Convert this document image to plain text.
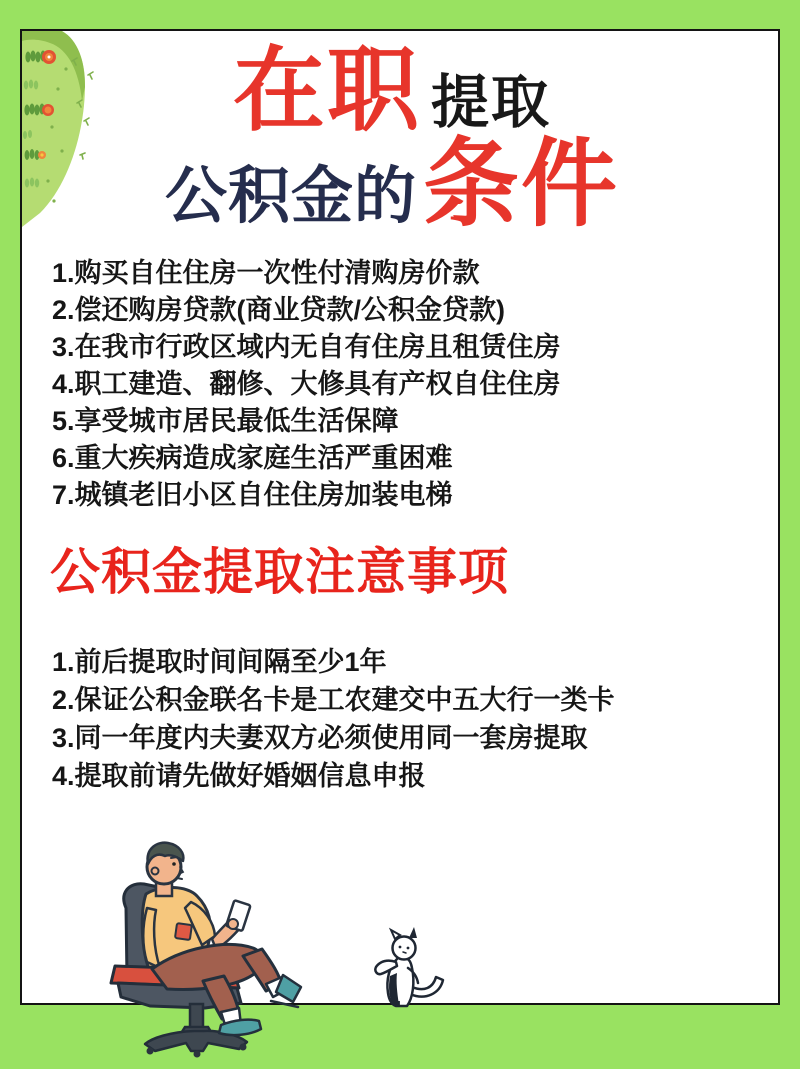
在职 提取
公积金的 条件
1.购买自住住房一次性付清购房价款
2.偿还购房贷款(商业贷款/公积金贷款)
3.在我市行政区域内无自有住房且租赁住房
4.职工建造、翻修、大修具有产权自住住房
5.享受城市居民最低生活保障
6.重大疾病造成家庭生活严重困难
7.城镇老旧小区自住住房加装电梯
公积金提取注意事项
1.前后提取时间间隔至少1年
2.保证公积金联名卡是工农建交中五大行一类卡
3.同一年度内夫妻双方必须使用同一套房提取
4.提取前请先做好婚姻信息申报
